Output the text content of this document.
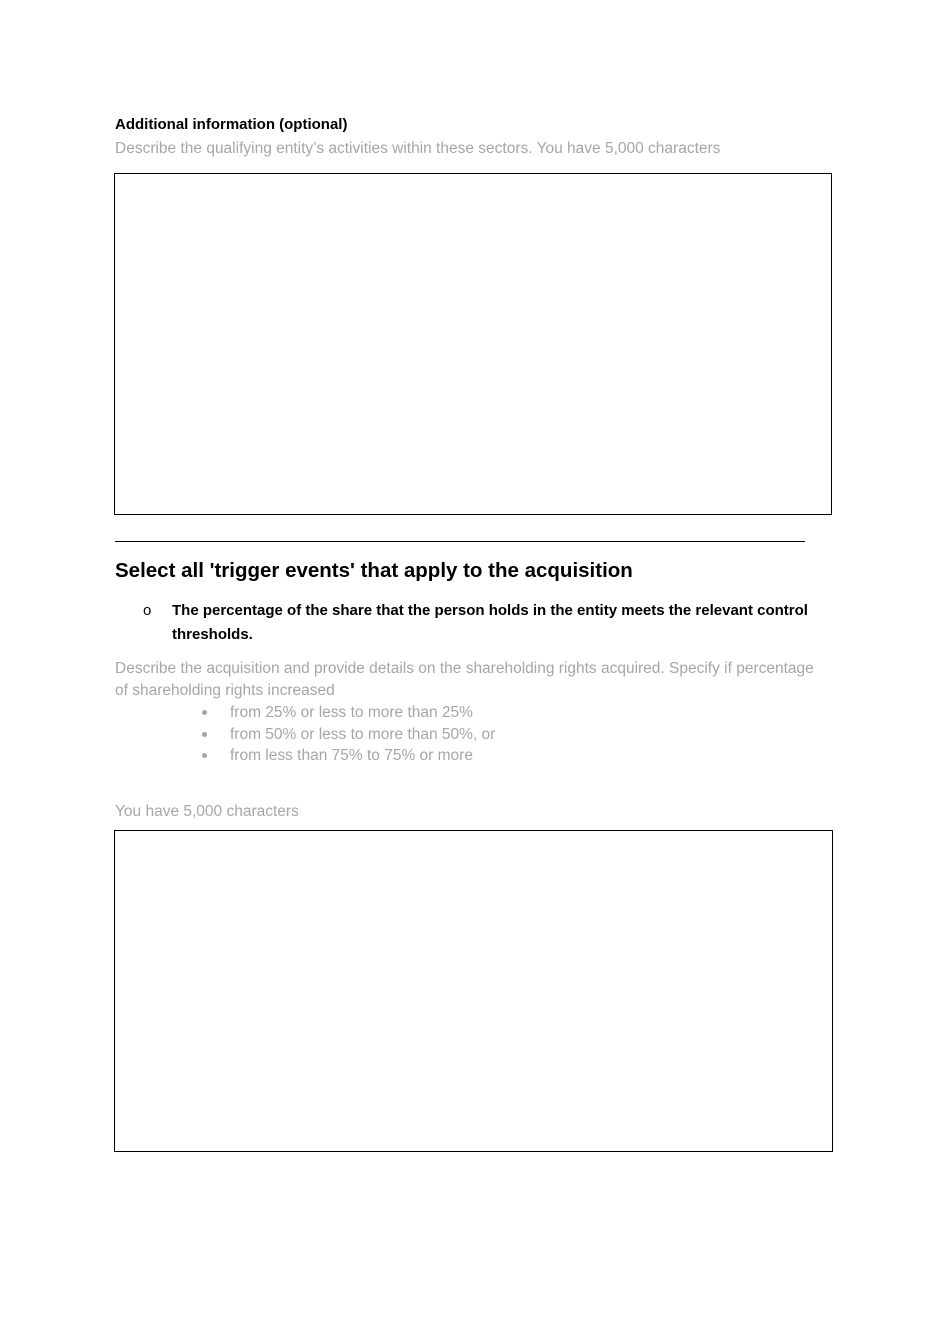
Additional information (optional)
Describe the qualifying entity’s activities within these sectors. You have 5,000 characters
Select all 'trigger events' that apply to the acquisition
o The percentage of the share that the person holds in the entity meets the relevant control thresholds.
Describe the acquisition and provide details on the shareholding rights acquired. Specify if percentage of shareholding rights increased
from 25% or less to more than 25%
from 50% or less to more than 50%, or
from less than 75% to 75% or more
You have 5,000 characters
